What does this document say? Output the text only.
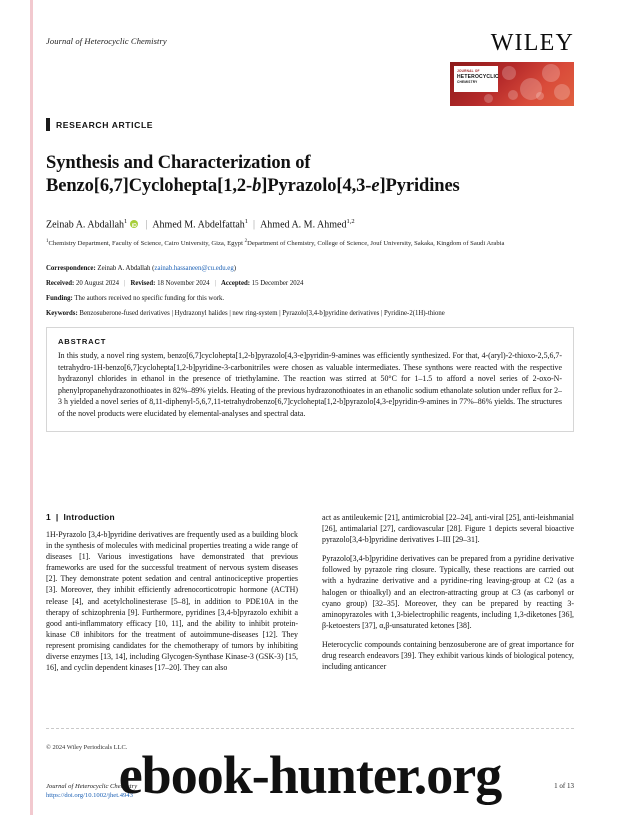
Journal of Heterocyclic Chemistry	WILEY
JOURNAL OF
HETEROCYCLIC
CHEMISTRY
RESEARCH ARTICLE
Synthesis and Characterization of
Benzo[6,7]Cyclohepta[1,2-b]Pyrazolo[4,3-e]Pyridines
Zeinab A. Abdallah$^1$ iD | Ahmed M. Abdelfattah$^1$ | Ahmed A. M. Ahmed$^{1,2}$
$^1$Chemistry Department, Faculty of Science, Cairo University, Giza, Egypt $^2$Department of Chemistry, College of Science, Jouf University, Sakaka, Kingdom of Saudi Arabia
Correspondence: Zeinab A. Abdallah (zainab.hassaneen@cu.edu.eg)
Received: 20 August 2024 | Revised: 18 November 2024 | Accepted: 15 December 2024
Funding: The authors received no specific funding for this work.
Keywords: Benzosuberone-fused derivatives | Hydrazonyl halides | new ring-system | Pyrazolo[3,4-b]pyridine derivatives | Pyridine-2(1H)-thione
ABSTRACT

In this study, a novel ring system, benzo[6,7]cyclohepta[1,2-b]pyrazolo[4,3-e]pyridin-9-amines was efficiently synthesized. For that, 4-(aryl)-2-thioxo-2,5,6,7-tetrahydro-1H-benzo[6,7]cyclohepta[1,2-b]pyridine-3-carbonitriles were chosen as valuable intermediates. These synthons were reacted with the respective hydrazonyl chlorides in ethanol in the presence of triethylamine. The reaction was stirred at 50°C for 1–1.5 to afford a novel series of 2-oxo-N-phenylpropanehydrazonothioates in 82%–89% yields. Heating of the previous hydrazonothioates in an ethanolic sodium ethanolate solution under reflux for 2–3 h yielded a novel series of 8,11-diphenyl-5,6,7,11-tetrahydrobenzo[6,7]cyclohepta[1,2-b]pyrazolo[4,3-e]pyridin-9-amines in 77%–86% yields. The structures of the novel products were elucidated by elemental-analyses and spectral data.

1  |  Introduction

1H-Pyrazolo [3,4-b]pyridine derivatives are frequently used as a building block in the synthesis of molecules with medicinal properties treating a wide range of diseases [1]. Various investigations have demonstrated that previous frameworks are used for the successful treatment of nervous system diseases [2]. They demonstrate potent sedation and central antinociceptive properties [3]. Moreover, they inhibit efficiently adrenocorticotropic hormone (ACTH) release [4], and acetylcholinesterase [5–8], in addition to PDE10A in the therapy of schizophrenia [9]. Furthermore, pyridines [3,4-b]pyrazolo exhibit a good anti-inflammatory efficacy [10, 11], and the ability to inhibit protein-kinase Cθ inhibitors for the treatment of autoimmune-diseases [12]. They represent promising candidates for the chemotherapy of tumors by inhibiting diverse enzymes [13, 14], including Glycogen-Synthase Kinase-3 (GSK-3) [15, 16], and cyclin dependent kinases [17–20]. They can also

act as antileukemic [21], antimicrobial [22–24], anti-viral [25], anti-leishmanial [26], antimalarial [27], cardiovascular [28]. Figure 1 depicts several bioactive pyrazolo[3,4-b]pyridine derivatives I–III [29–31].

Pyrazolo[3,4-b]pyridine derivatives can be prepared from a pyridine derivative followed by pyrazole ring closure. Typically, these reactions are carried out with a hydrazine derivative and a pyridine-ring leaving-group at C2 (as a halogen or thioalkyl) and an electron-attracting group at C3 (as carbonyl or cyano group) [32–35]. Moreover, they can be prepared by reacting 3-aminopyrazoles with 1,3-bielectrophilic reagents, including 1,3-diketones [36], β-ketoesters [37], α,β-unsaturated ketones [38].

Heterocyclic compounds containing benzosuberone are of great importance for drug research endeavors [39]. They exhibit various kinds of biological potency, including anticancer

© 2024 Wiley Periodicals LLC.
Journal of Heterocyclic Chemistry
https://doi.org/10.1002/jhet.4943
1 of 13
ebook-hunter.org
